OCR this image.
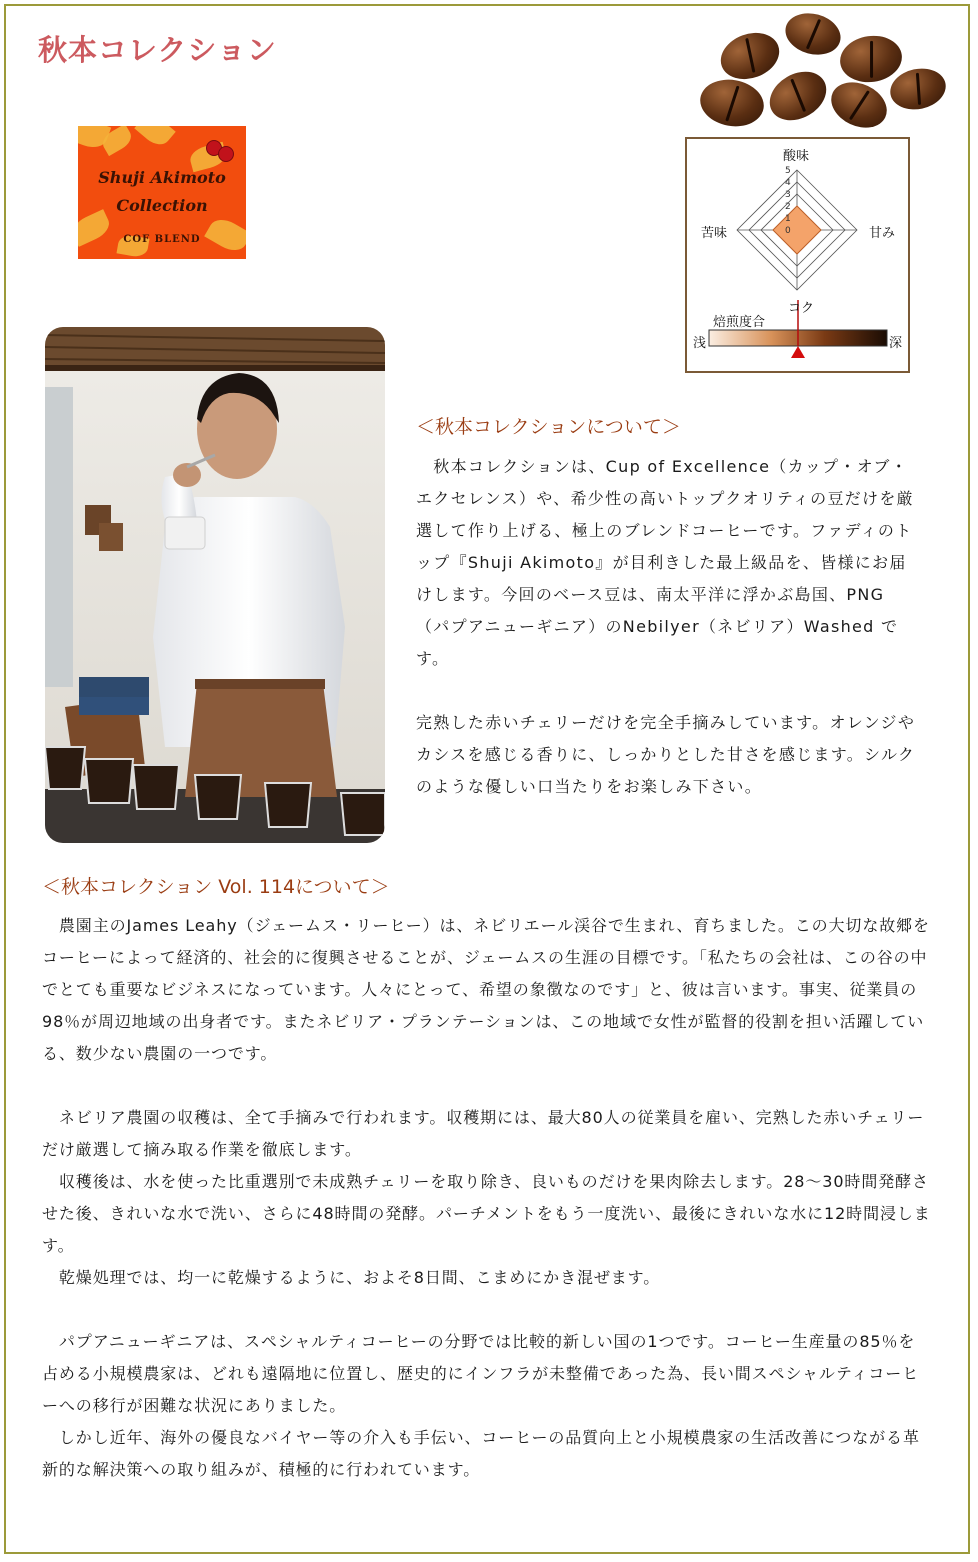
秋本コレクション
Shuji Akimoto
Collection
COF BLEND
5
4
3
2
1
0
酸味
甘み
コク
苦味
焙煎度合
浅	深
＜秋本コレクションについて＞

　秋本コレクションは、Cup of Excellence（カップ・オブ・エクセレンス）や、希少性の高いトップクオリティの豆だけを厳選して作り上げる、極上のブレンドコーヒーです。ファディのトップ『Shuji Akimoto』が目利きした最上級品を、皆様にお届けします。今回のベース豆は、南太平洋に浮かぶ島国、PNG（パプアニューギニア）のNebilyer（ネビリア）Washed です。

完熟した赤いチェリーだけを完全手摘みしています。オレンジやカシスを感じる香りに、しっかりとした甘さを感じます。シルクのような優しい口当たりをお楽しみ下さい。

＜秋本コレクション Vol. 114について＞

　農園主のJames Leahy（ジェームス・リーヒー）は、ネビリエール渓谷で生まれ、育ちました。この大切な故郷をコーヒーによって経済的、社会的に復興させることが、ジェームスの生涯の目標です。「私たちの会社は、この谷の中でとても重要なビジネスになっています。人々にとって、希望の象徴なのです」と、彼は言います。事実、従業員の98％が周辺地域の出身者です。またネビリア・プランテーションは、この地域で女性が監督的役割を担い活躍している、数少ない農園の一つです。

　ネビリア農園の収穫は、全て手摘みで行われます。収穫期には、最大80人の従業員を雇い、完熟した赤いチェリーだけ厳選して摘み取る作業を徹底します。

　収穫後は、水を使った比重選別で未成熟チェリーを取り除き、良いものだけを果肉除去します。28～30時間発酵させた後、きれいな水で洗い、さらに48時間の発酵。パーチメントをもう一度洗い、最後にきれいな水に12時間浸します。

　乾燥処理では、均一に乾燥するように、およそ8日間、こまめにかき混ぜます。

　パプアニューギニアは、スペシャルティコーヒーの分野では比較的新しい国の1つです。コーヒー生産量の85％を占める小規模農家は、どれも遠隔地に位置し、歴史的にインフラが未整備であった為、長い間スペシャルティコーヒーへの移行が困難な状況にありました。

　しかし近年、海外の優良なバイヤー等の介入も手伝い、コーヒーの品質向上と小規模農家の生活改善につながる革新的な解決策への取り組みが、積極的に行われています。
